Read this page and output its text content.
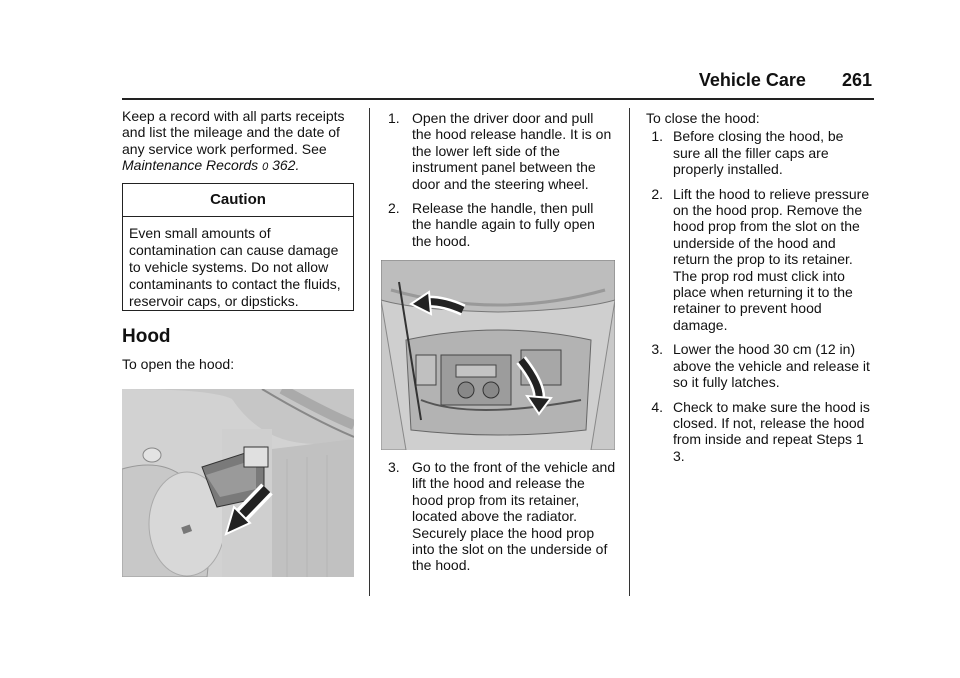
Vehicle Care 261

Keep a record with all parts receipts and list the mileage and the date of any service work performed. See Maintenance Records 0 362.

Caution
Even small amounts of contamination can cause damage to vehicle systems. Do not allow contaminants to contact the fluids, reservoir caps, or dipsticks.
Hood
To open the hood:
1. Open the driver door and pull the hood release handle. It is on the lower left side of the instrument panel between the door and the steering wheel.
2. Release the handle, then pull the handle again to fully open the hood.
3. Go to the front of the vehicle and lift the hood and release the hood prop from its retainer, located above the radiator. Securely place the hood prop into the slot on the underside of the hood.

To close the hood:

1. Before closing the hood, be sure all the filler caps are properly installed.
2. Lift the hood to relieve pressure on the hood prop. Remove the hood prop from the slot on the underside of the hood and return the prop to its retainer. The prop rod must click into place when returning it to the retainer to prevent hood damage.
3. Lower the hood 30 cm (12 in) above the vehicle and release it so it fully latches.
4. Check to make sure the hood is closed. If not, release the hood from inside and repeat Steps 1 3.
